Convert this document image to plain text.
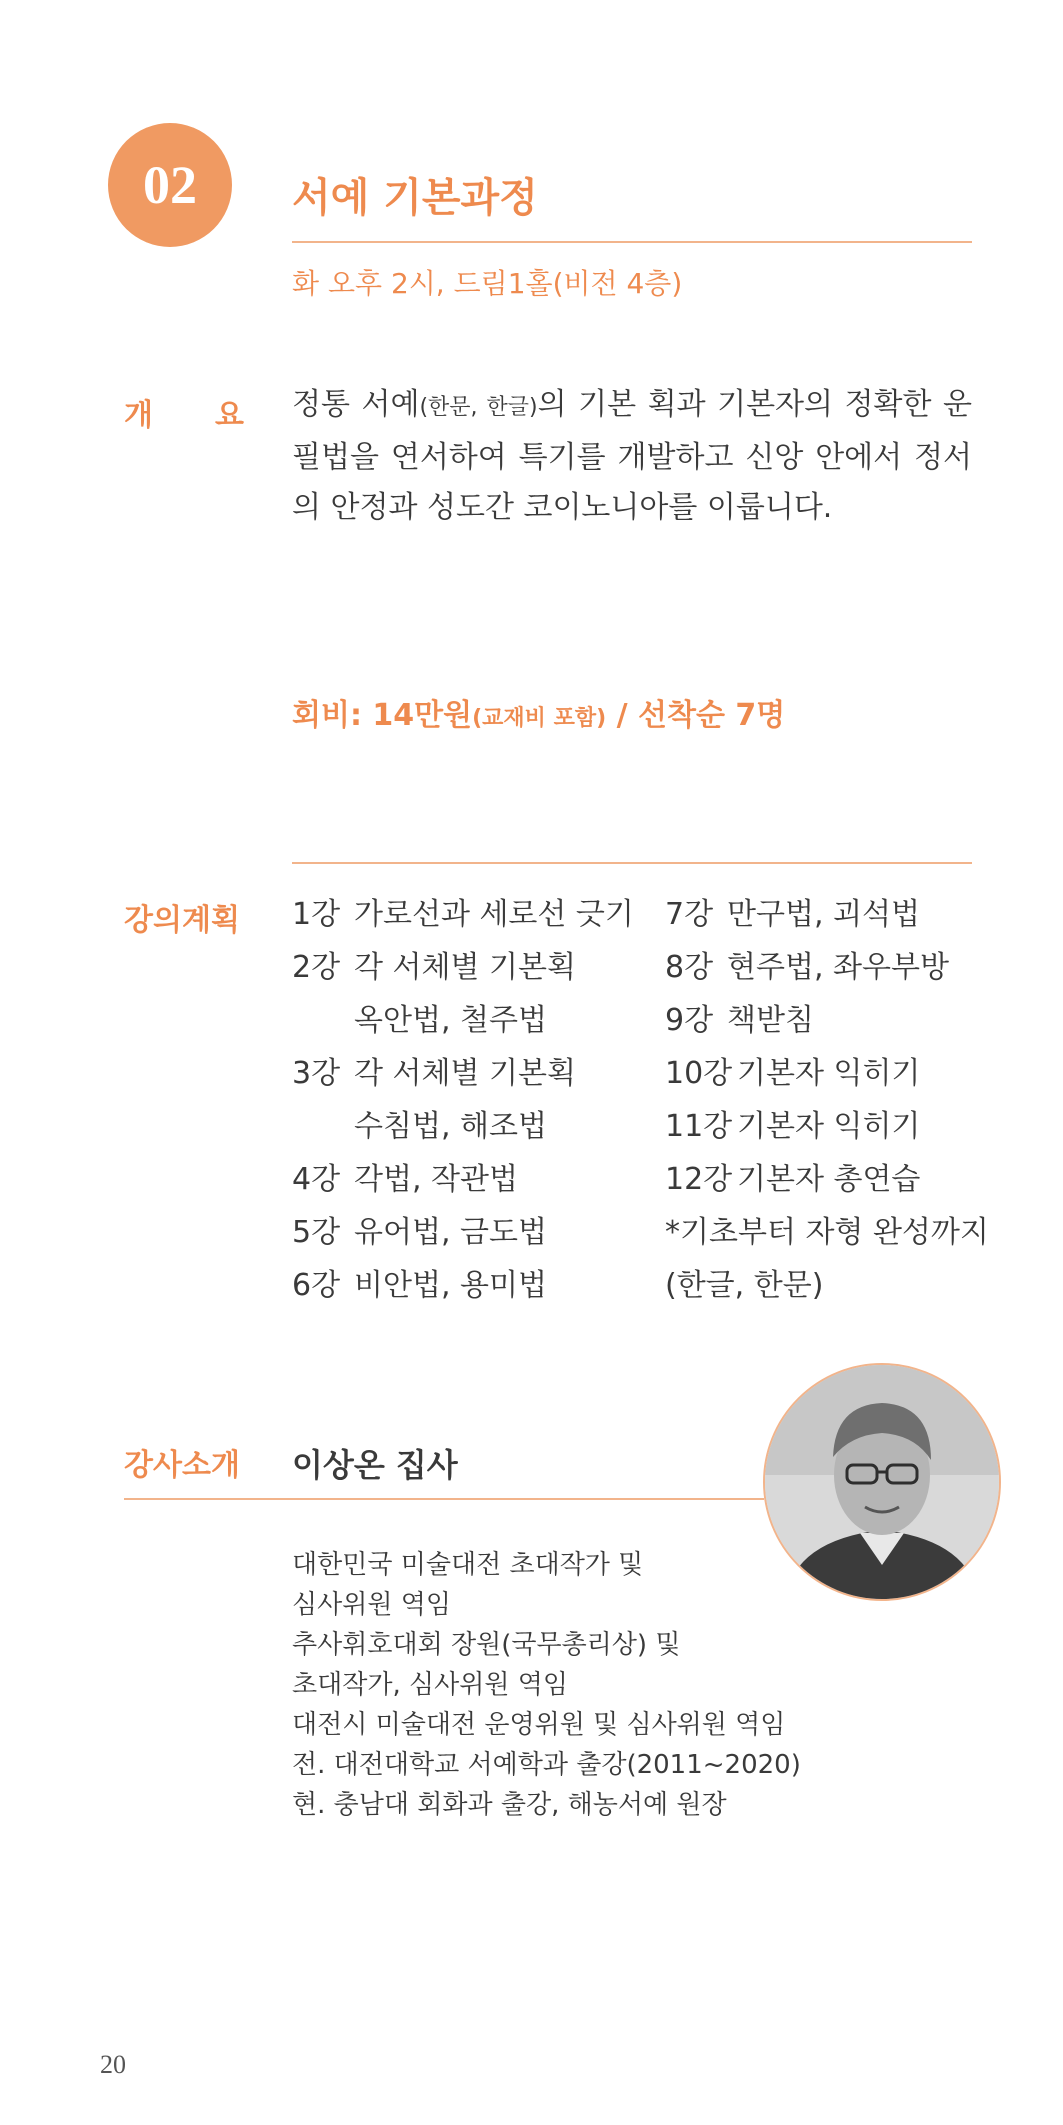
02 서예 기본과정
화 오후 2시, 드림1홀(비전 4층)
개 요 정통 서예(한문, 한글)의 기본 획과 기본자의 정확한 운필법을 연서하여 특기를 개발하고 신앙 안에서 정서의 안정과 성도간 코이노니아를 이룹니다.
회비: 14만원(교재비 포함) / 선착순 7명
강의계획 1강 가로선과 세로선 긋기
2강 각 서체별 기본획
옥안법, 철주법
3강 각 서체별 기본획
수침법, 해조법
4강 각법, 작관법
5강 유어법, 금도법
6강 비안법, 용미법
7강 만구법, 괴석법
8강 현주법, 좌우부방
9강 책받침
10강 기본자 익히기
11강 기본자 익히기
12강 기본자 총연습
*기초부터 자형 완성까지
(한글, 한문)
강사소개 이상온 집사
대한민국 미술대전 초대작가 및
심사위원 역임
추사휘호대회 장원(국무총리상) 및
초대작가, 심사위원 역임
대전시 미술대전 운영위원 및 심사위원 역임
전. 대전대학교 서예학과 출강(2011~2020)
현. 충남대 회화과 출강, 해농서예 원장
20
